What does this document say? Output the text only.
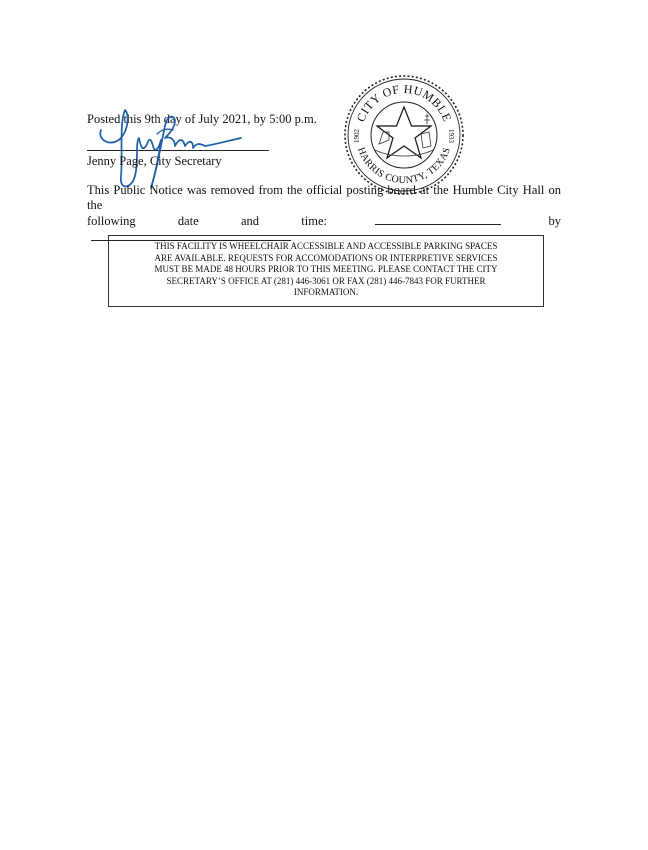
Posted this 9th day of July 2021, by 5:00 p.m.
Jenny Page, City Secretary
CITY OF HUMBLE
HARRIS COUNTY, TEXAS
1902	1933
This Public Notice was removed from the official posting board at the Humble City Hall on the
following date and time:	by
THIS FACILITY IS WHEELCHAIR ACCESSIBLE AND ACCESSIBLE PARKING SPACES
ARE AVAILABLE. REQUESTS FOR ACCOMODATIONS OR INTERPRETIVE SERVICES
MUST BE MADE 48 HOURS PRIOR TO THIS MEETING. PLEASE CONTACT THE CITY
SECRETARY’S OFFICE AT (281) 446-3061 OR FAX (281) 446-7843 FOR FURTHER
INFORMATION.
